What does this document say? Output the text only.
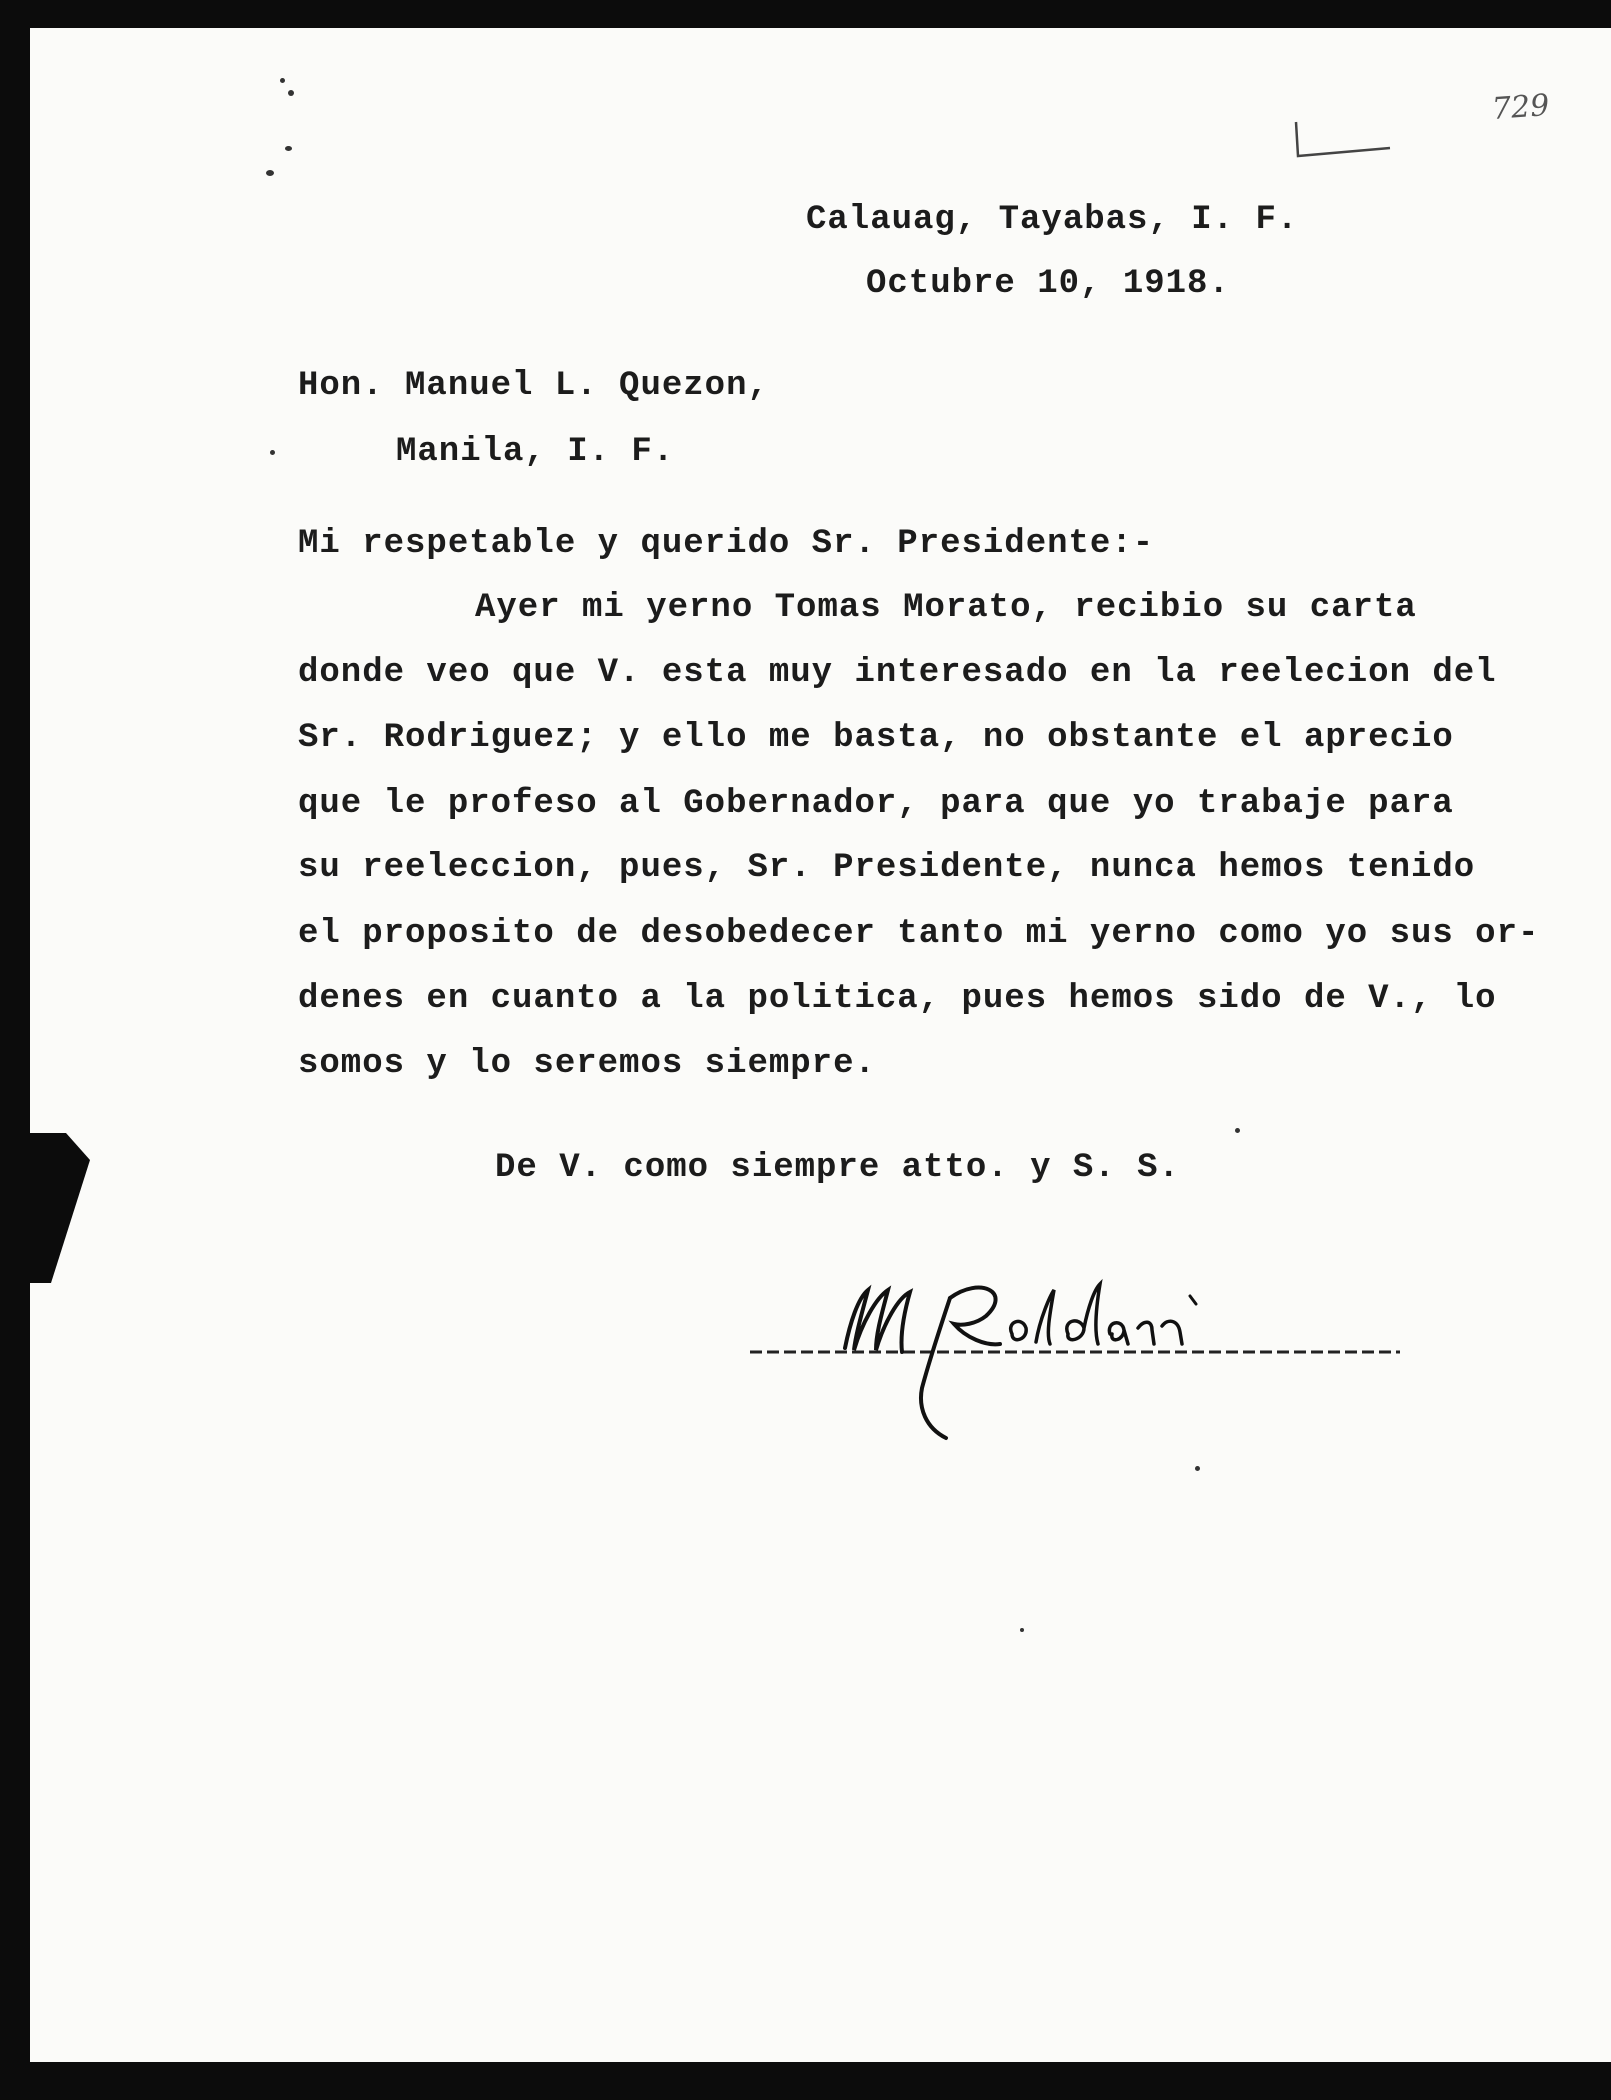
729

Calauag, Tayabas, I. F.

Octubre 10, 1918.

Hon. Manuel L. Quezon,

Manila, I. F.

Mi respetable y querido Sr. Presidente:-

Ayer mi yerno Tomas Morato, recibio su carta

donde veo que V. esta muy interesado en la reelecion del

Sr. Rodriguez; y ello me basta, no obstante el aprecio

que le profeso al Gobernador, para que yo trabaje para

su reeleccion, pues, Sr. Presidente, nunca hemos tenido

el proposito de desobedecer tanto mi yerno como yo sus or-

denes en cuanto a la politica, pues hemos sido de V., lo

somos y lo seremos siempre.

De V. como siempre atto. y S. S.
